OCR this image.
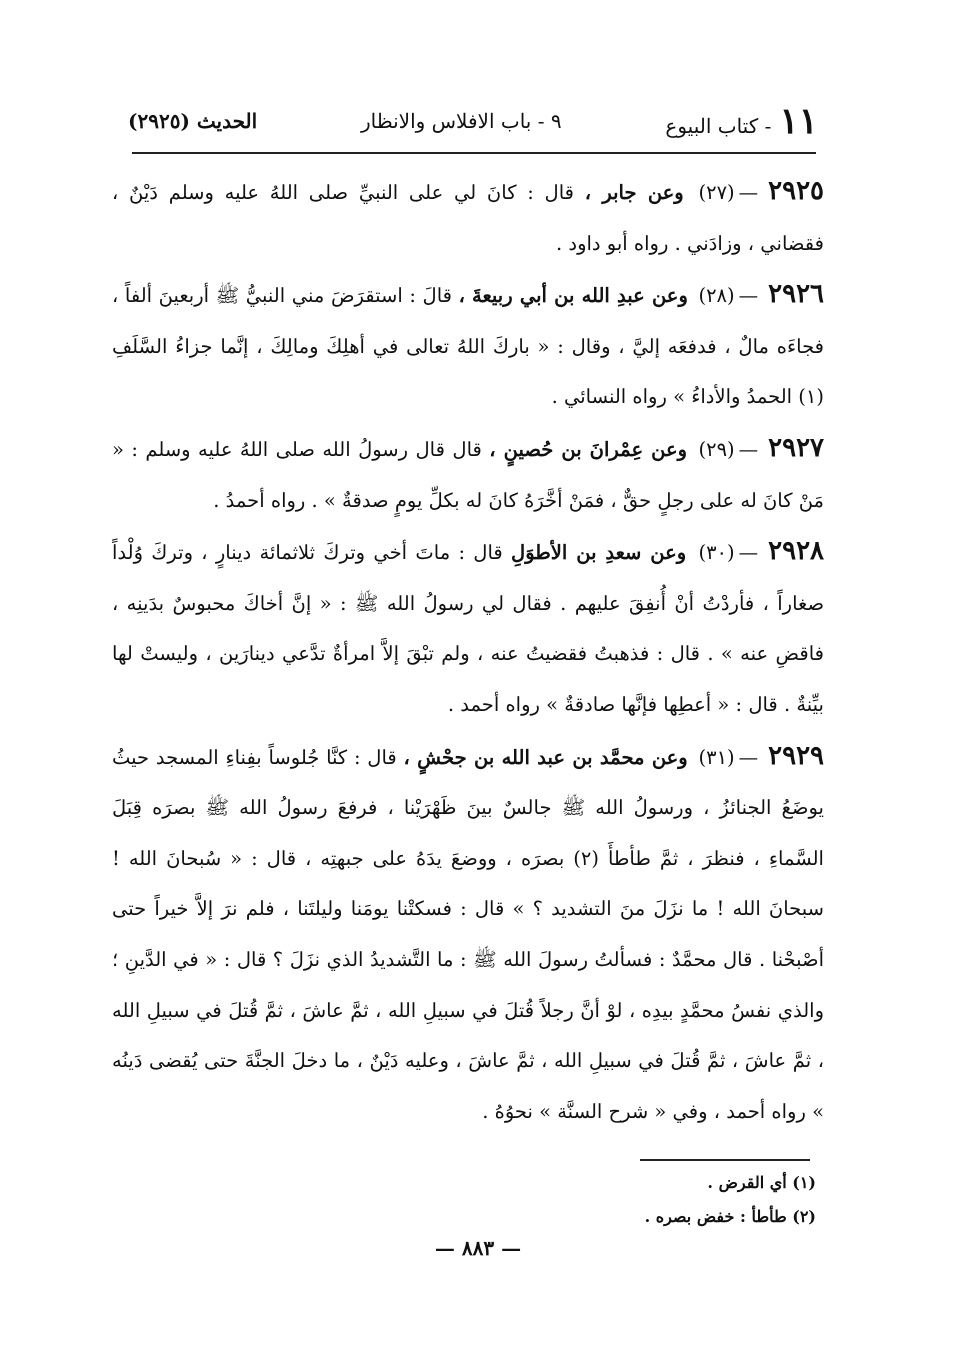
١١
- كتاب البيوع
٩ - باب الافلاس والانظار
الحديث (٢٩٢٥)

٢٩٢٥—(٢٧) وعن جابر ، قال : كانَ لي على النبيِّ صلى اللهُ عليه وسلم دَيْنٌ ، فقضاني ، وزادَني . رواه أبو داود .

٢٩٢٦—(٢٨) وعن عبدِ الله بن أبي ربيعةَ ، قالَ : استقرَضَ مني النبيُّ ﷺ أربعينَ ألفاً ، فجاءَه مالٌ ، فدفعَه إليَّ ، وقال : « باركَ اللهُ تعالى في أهلِكَ ومالِكَ ، إنَّما جزاءُ السَّلَفِ (١) الحمدُ والأداءُ » رواه النسائي .

٢٩٢٧—(٢٩) وعن عِمْرانَ بن حُصينٍ ، قال قال رسولُ الله صلى اللهُ عليه وسلم : « مَنْ كانَ له على رجلٍ حقٌّ ، فمَنْ أخَّرَهُ كانَ له بكلِّ يومٍ صدقةٌ » . رواه أحمدُ .

٢٩٢٨—(٣٠) وعن سعدِ بن الأطوَلِ قال : ماتَ أخي وتركَ ثلاثمائة دينارٍ ، وتركَ وُلْداً صغاراً ، فأردْتُ أنْ أُنفِقَ عليهم . فقال لي رسولُ الله ﷺ : « إنَّ أخاكَ محبوسٌ بدَينِه ، فاقضِ عنه » . قال : فذهبتُ فقضيتُ عنه ، ولم تبْقَ إلاَّ امرأةٌ تدَّعي دينارَين ، وليستْ لها بيِّنةٌ . قال : « أعطِها فإنَّها صادقةٌ » رواه أحمد .

٢٩٢٩—(٣١) وعن محمَّد بن عبد الله بن جحْشٍ ، قال : كنَّا جُلوساً بفِناءِ المسجد حيثُ يوضَعُ الجنائزُ ، ورسولُ الله ﷺ جالسٌ بينَ ظَهْرَيْنا ، فرفعَ رسولُ الله ﷺ بصرَه قِبَلَ السَّماءِ ، فنظرَ ، ثمَّ طأطأَ (٢) بصرَه ، ووضعَ يدَهُ على جبهتِه ، قال : « سُبحانَ الله ! سبحانَ الله ! ما نزَلَ منَ التشديد ؟ » قال : فسكتْنا يومَنا وليلتَنا ، فلم نرَ إلاَّ خيراً حتى أصْبحْنا . قال محمَّدٌ : فسألتُ رسولَ الله ﷺ : ما التَّشديدُ الذي نزَلَ ؟ قال : « في الدَّينِ ؛ والذي نفسُ محمَّدٍ بيدِه ، لوْ أنَّ رجلاً قُتلَ في سبيلِ الله ، ثمَّ عاشَ ، ثمَّ قُتلَ في سبيلِ الله ، ثمَّ عاشَ ، ثمَّ قُتلَ في سبيلِ الله ، ثمَّ عاشَ ، وعليه دَيْنٌ ، ما دخلَ الجنَّةَ حتى يُقضى دَينُه » رواه أحمد ، وفي « شرح السنَّة » نحوُهُ .

(١) أي القرض .
(٢) طأطأ : خفض بصره .
— ٨٨٣ —
